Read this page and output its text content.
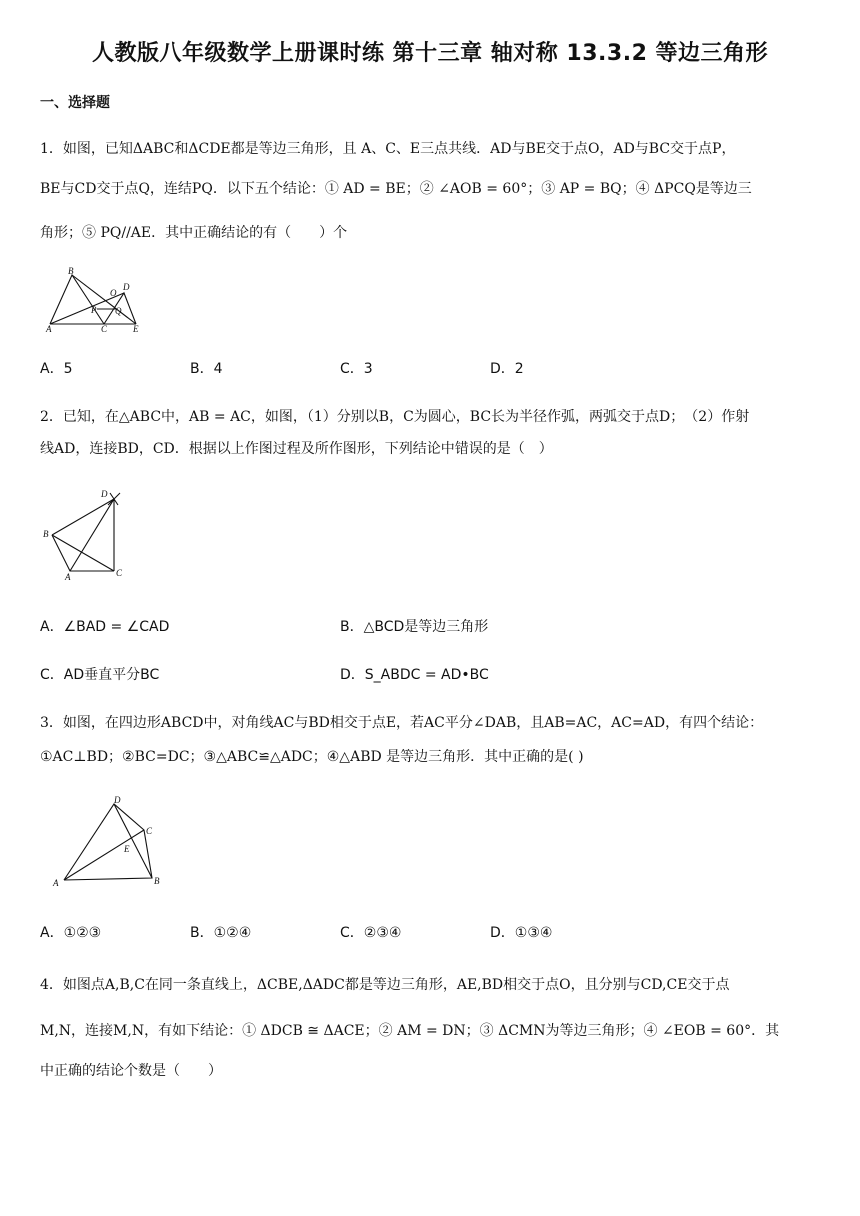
人教版八年级数学上册课时练 第十三章 轴对称 13.3.2 等边三角形
一、选择题
1．如图，已知ΔABC和ΔCDE都是等边三角形，且 A、C、E三点共线．AD与BE交于点O，AD与BC交于点P，
BE与CD交于点Q，连结PQ．以下五个结论：① AD = BE；② ∠AOB = 60°；③ AP = BQ；④ ΔPCQ是等边三
角形；⑤ PQ//AE．其中正确结论的有（　　）个
B
O
D
P Q
A	C	E
A．5	B．4	C．3	D．2
2．已知，在△ABC中，AB = AC，如图，（1）分别以B，C为圆心，BC长为半径作弧，两弧交于点D；　（2）作射
线AD，连接BD，CD．根据以上作图过程及所作图形，下列结论中错误的是（　）
D
B
A	C
A．∠BAD = ∠CAD	B．△BCD是等边三角形
C．AD垂直平分BC	D．S_ABDC = AD•BC
3．如图，在四边形ABCD中，对角线AC与BD相交于点E，若AC平分∠DAB，且AB=AC，AC=AD，有四个结论：
①AC⊥BD；②BC=DC；③△ABC≌△ADC；④△ABD 是等边三角形．其中正确的是( )
D
C
E
A	B
A．①②③	B．①②④	C．②③④	D．①③④
4．如图点A,B,C在同一条直线上，ΔCBE,ΔADC都是等边三角形，AE,BD相交于点O，且分别与CD,CE交于点
M,N，连接M,N，有如下结论：① ΔDCB ≅ ΔACE；② AM = DN；③ ΔCMN为等边三角形；④ ∠EOB = 60°．其
中正确的结论个数是（　　）
